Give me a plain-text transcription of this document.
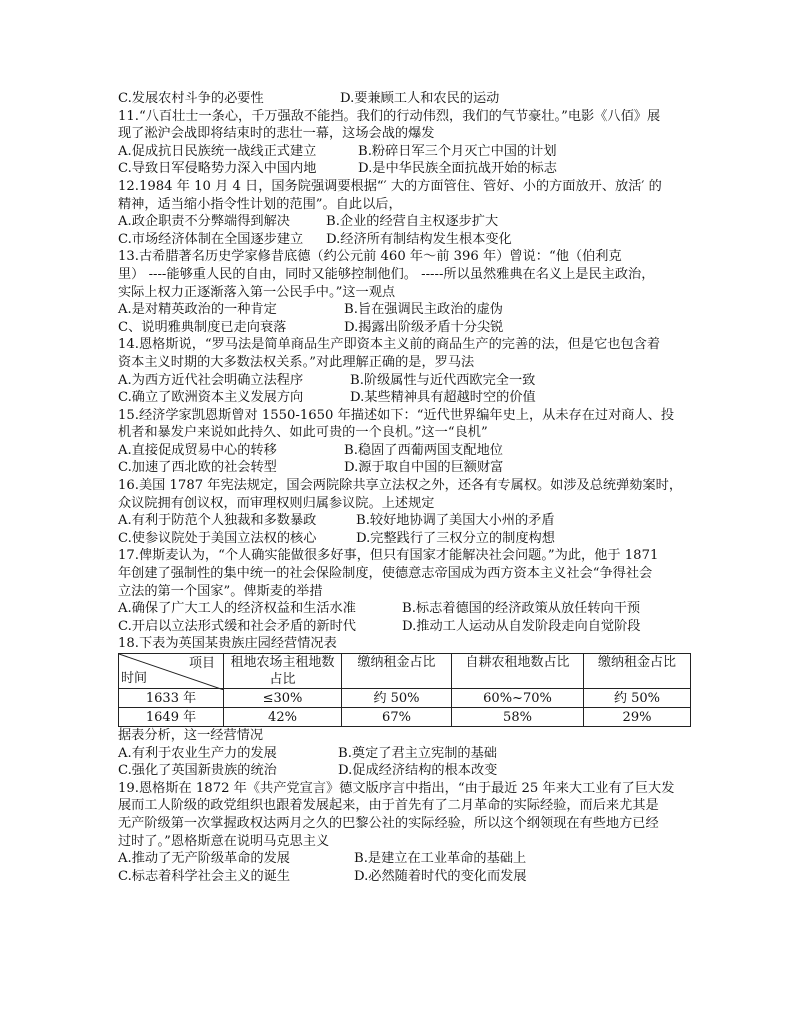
C.发展农村斗争的必要性	D.要兼顾工人和农民的运动
11.“八百壮士一条心，千万强敌不能挡。我们的行动伟烈，我们的气节豪壮。”电影《八佰》展
现了淞沪会战即将结束时的悲壮一幕，这场会战的爆发
A.促成抗日民族统一战线正式建立	B.粉碎日军三个月灭亡中国的计划
C.导致日军侵略势力深入中国内地	D.是中华民族全面抗战开始的标志
12.1984 年 10 月 4 日，国务院强调要根据“′ 大的方面管住、管好、小的方面放开、放活′ 的
精神，适当缩小指令性计划的范围”。自此以后，
A.政企职责不分弊端得到解决	B.企业的经营自主权逐步扩大
C.市场经济体制在全国逐步建立 D.经济所有制结构发生根本变化
13.古希腊著名历史学家修昔底德（约公元前 460 年～前 396 年）曾说：“他（伯利克
里） ----能够重人民的自由，同时又能够控制他们。 -----所以虽然雅典在名义上是民主政治，
实际上权力正逐渐落入第一公民手中。”这一观点
A.是对精英政治的一种肯定	B.旨在强调民主政治的虚伪
C、说明雅典制度已走向衰落	D.揭露出阶级矛盾十分尖锐
14.恩格斯说，“罗马法是简单商品生产即资本主义前的商品生产的完善的法，但是它也包含着
资本主义时期的大多数法权关系。”对此理解正确的是，罗马法
A.为西方近代社会明确立法程序	B.阶级属性与近代西欧完全一致
C.确立了欧洲资本主义发展方向	D.某些精神具有超越时空的价值
15.经济学家凯恩斯曾对 1550-1650 年描述如下：“近代世界编年史上，从未存在过对商人、投
机者和暴发户来说如此持久、如此可贵的一个良机。”这一“良机”
A.直接促成贸易中心的转移	B.稳固了西葡两国支配地位
C.加速了西北欧的社会转型	D.源于取自中国的巨额财富
16.美国 1787 年宪法规定，国会两院除共享立法权之外，还各有专属权。如涉及总统弹劾案时，
众议院拥有创议权，而审理权则归属参议院。上述规定
A.有利于防范个人独裁和多数暴政	B.较好地协调了美国大小州的矛盾
C.使参议院处于美国立法权的核心	D.完整践行了三权分立的制度构想
17.俾斯麦认为，“个人确实能做很多好事，但只有国家才能解决社会问题。”为此，他于 1871
年创建了强制性的集中统一的社会保险制度，使德意志帝国成为西方资本主义社会“争得社会
立法的第一个国家”。俾斯麦的举措
A.确保了广大工人的经济权益和生活水准	B.标志着德国的经济政策从放任转向干预
C.开启以立法形式缓和社会矛盾的新时代	D.推动工人运动从自发阶段走向自觉阶段
18.下表为英国某贵族庄园经营情况表
项目
时间	租地农场主租地数占比	缴纳租金占比	自耕农租地数占比	缴纳租金占比
1633 年	≤30%	约 50%	60%~70%	约 50%
1649 年	42%	67%	58%	29%
据表分析，这一经营情况
A.有利于农业生产力的发展	B.奠定了君主立宪制的基础
C.强化了英国新贵族的统治	D.促成经济结构的根本改变
19.恩格斯在 1872 年《共产党宣言》德文版序言中指出，“由于最近 25 年来大工业有了巨大发
展而工人阶级的政党组织也跟着发展起来，由于首先有了二月革命的实际经验，而后来尤其是
无产阶级第一次掌握政权达两月之久的巴黎公社的实际经验，所以这个纲领现在有些地方已经
过时了。”恩格斯意在说明马克思主义
A.推动了无产阶级革命的发展	B.是建立在工业革命的基础上
C.标志着科学社会主义的诞生	D.必然随着时代的变化而发展
